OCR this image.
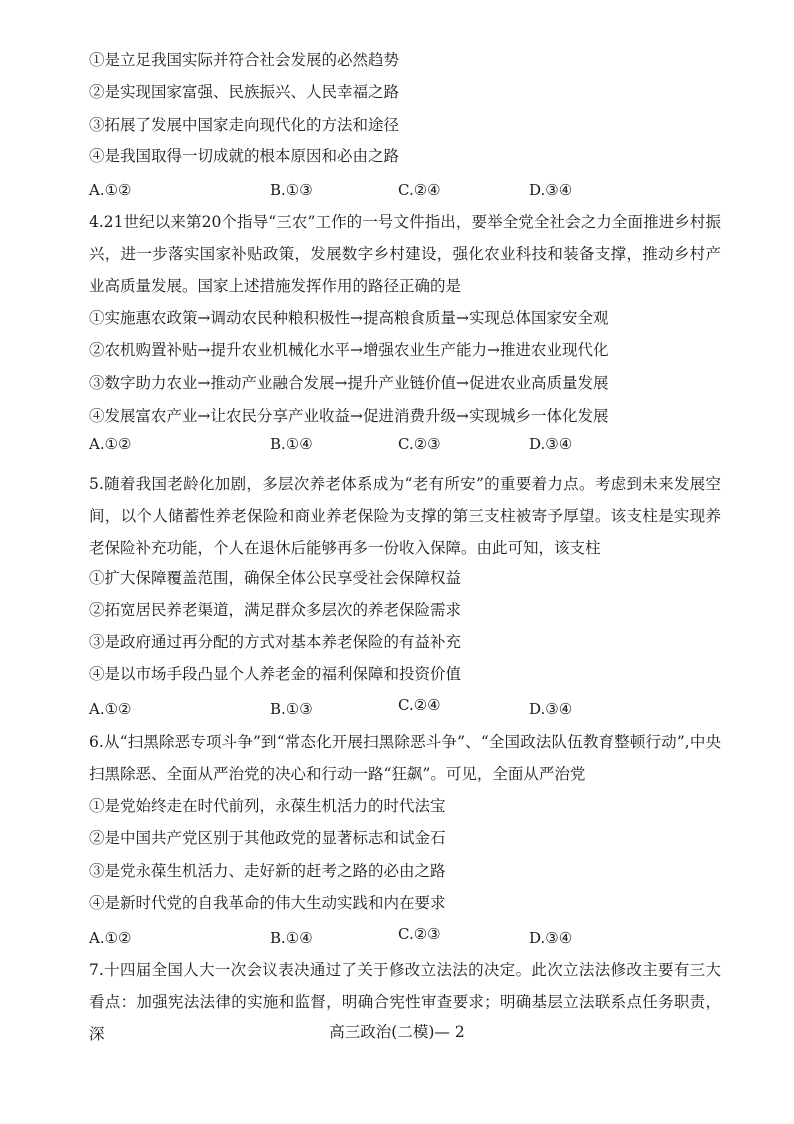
①是立足我国实际并符合社会发展的必然趋势
②是实现国家富强、民族振兴、人民幸福之路
③拓展了发展中国家走向现代化的方法和途径
④是我国取得一切成就的根本原因和必由之路
A.①②	B.①③	C.②④	D.③④
4.21世纪以来第20个指导“三农”工作的一号文件指出，要举全党全社会之力全面推进乡村振兴，进一步落实国家补贴政策，发展数字乡村建设，强化农业科技和装备支撑，推动乡村产业高质量发展。国家上述措施发挥作用的路径正确的是
①实施惠农政策→调动农民种粮积极性→提高粮食质量→实现总体国家安全观
②农机购置补贴→提升农业机械化水平→增强农业生产能力→推进农业现代化
③数字助力农业→推动产业融合发展→提升产业链价值→促进农业高质量发展
④发展富农产业→让农民分享产业收益→促进消费升级→实现城乡一体化发展
A.①②	B.①④	C.②③	D.③④
5.随着我国老龄化加剧，多层次养老体系成为“老有所安”的重要着力点。考虑到未来发展空间，以个人储蓄性养老保险和商业养老保险为支撑的第三支柱被寄予厚望。该支柱是实现养老保险补充功能，个人在退休后能够再多一份收入保障。由此可知，该支柱
①扩大保障覆盖范围，确保全体公民享受社会保障权益
②拓宽居民养老渠道，满足群众多层次的养老保险需求
③是政府通过再分配的方式对基本养老保险的有益补充
④是以市场手段凸显个人养老金的福利保障和投资价值
A.①②	B.①③	C.②④	D.③④
6.从“扫黑除恶专项斗争”到“常态化开展扫黑除恶斗争”、“全国政法队伍教育整顿行动”,中央扫黑除恶、全面从严治党的决心和行动一路“狂飙”。可见，全面从严治党
①是党始终走在时代前列，永葆生机活力的时代法宝
②是中国共产党区别于其他政党的显著标志和试金石
③是党永葆生机活力、走好新的赶考之路的必由之路
④是新时代党的自我革命的伟大生动实践和内在要求
A.①②	B.①④	C.②③	D.③④
7.十四届全国人大一次会议表决通过了关于修改立法法的决定。此次立法法修改主要有三大看点：加强宪法法律的实施和监督，明确合宪性审查要求；明确基层立法联系点任务职责，深	高三政治(二模)— 2
